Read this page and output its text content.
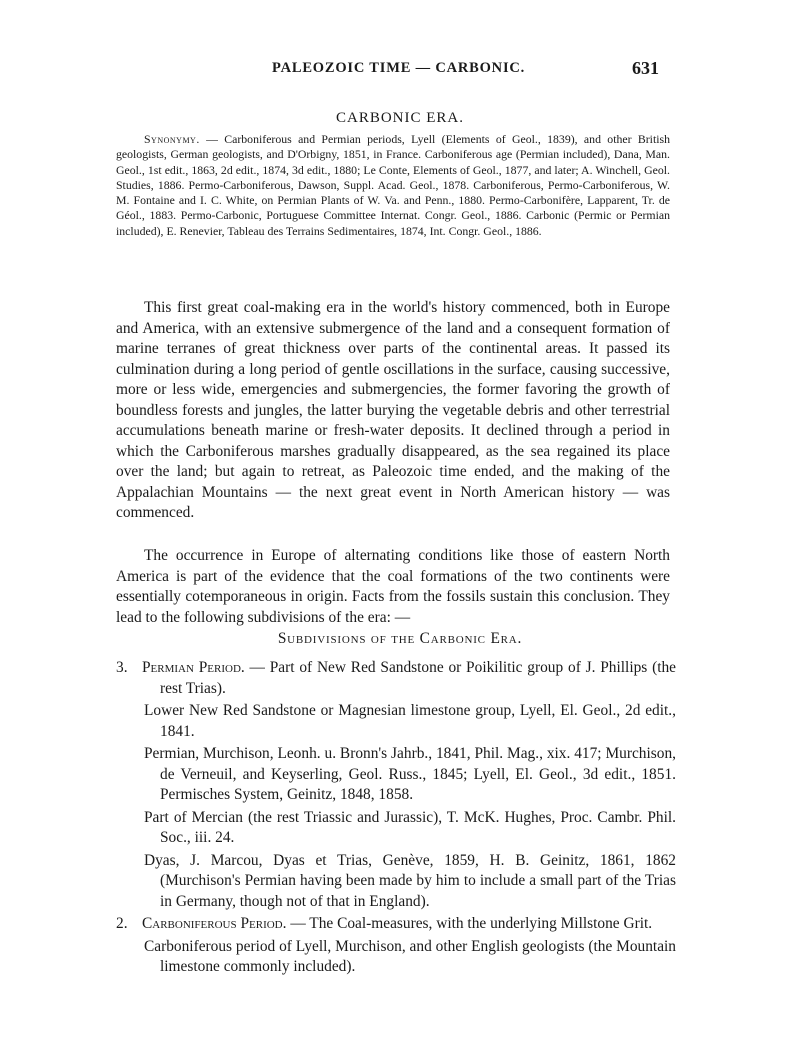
PALEOZOIC TIME — CARBONIC.	631
CARBONIC ERA.
Synonymy. — Carboniferous and Permian periods, Lyell (Elements of Geol., 1839), and other British geologists, German geologists, and D'Orbigny, 1851, in France. Carboniferous age (Permian included), Dana, Man. Geol., 1st edit., 1863, 2d edit., 1874, 3d edit., 1880; Le Conte, Elements of Geol., 1877, and later; A. Winchell, Geol. Studies, 1886. Permo-Carboniferous, Dawson, Suppl. Acad. Geol., 1878. Carboniferous, Permo-Carboniferous, W. M. Fontaine and I. C. White, on Permian Plants of W. Va. and Penn., 1880. Permo-Carbonifère, Lapparent, Tr. de Géol., 1883. Permo-Carbonic, Portuguese Committee Internat. Congr. Geol., 1886. Carbonic (Permic or Permian included), E. Renevier, Tableau des Terrains Sedimentaires, 1874, Int. Congr. Geol., 1886.

This first great coal-making era in the world's history commenced, both in Europe and America, with an extensive submergence of the land and a consequent formation of marine terranes of great thickness over parts of the continental areas. It passed its culmination during a long period of gentle oscillations in the surface, causing successive, more or less wide, emergencies and submergencies, the former favoring the growth of boundless forests and jungles, the latter burying the vegetable debris and other terrestrial accumulations beneath marine or fresh-water deposits. It declined through a period in which the Carboniferous marshes gradually disappeared, as the sea regained its place over the land; but again to retreat, as Paleozoic time ended, and the making of the Appalachian Mountains — the next great event in North American history — was commenced.

The occurrence in Europe of alternating conditions like those of eastern North America is part of the evidence that the coal formations of the two continents were essentially cotemporaneous in origin. Facts from the fossils sustain this conclusion. They lead to the following subdivisions of the era: —

Subdivisions of the Carbonic Era.

3. Permian Period. — Part of New Red Sandstone or Poikilitic group of J. Phillips (the rest Trias).

Lower New Red Sandstone or Magnesian limestone group, Lyell, El. Geol., 2d edit., 1841.

Permian, Murchison, Leonh. u. Bronn's Jahrb., 1841, Phil. Mag., xix. 417; Murchison, de Verneuil, and Keyserling, Geol. Russ., 1845; Lyell, El. Geol., 3d edit., 1851. Permisches System, Geinitz, 1848, 1858.

Part of Mercian (the rest Triassic and Jurassic), T. McK. Hughes, Proc. Cambr. Phil. Soc., iii. 24.

Dyas, J. Marcou, Dyas et Trias, Genève, 1859, H. B. Geinitz, 1861, 1862 (Murchison's Permian having been made by him to include a small part of the Trias in Germany, though not of that in England).

2. Carboniferous Period. — The Coal-measures, with the underlying Millstone Grit.

Carboniferous period of Lyell, Murchison, and other English geologists (the Mountain limestone commonly included).
